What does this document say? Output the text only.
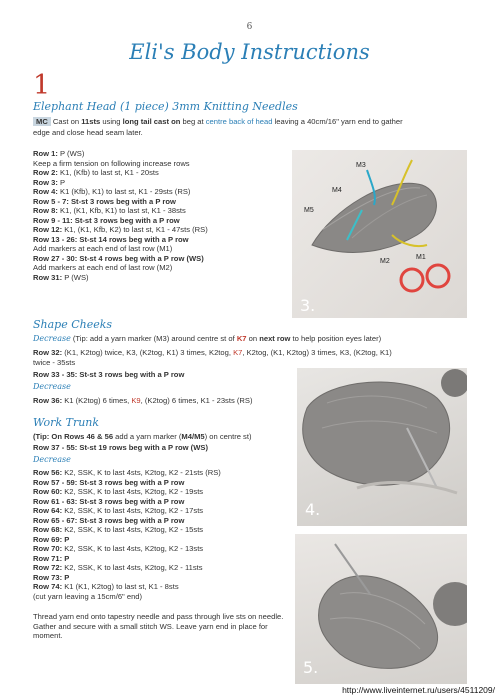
6
Eli's Body Instructions
1
Elephant Head (1 piece) 3mm Knitting Needles
MC Cast on 11sts using long tail cast on beg at centre back of head leaving a 40cm/16" yarn end to gather
edge and close head seam later.
Row 1: P (WS)
Keep a firm tension on following increase rows
Row 2: K1, (Kfb) to last st, K1 - 20sts
Row 3: P
Row 4: K1 (Kfb), K1) to last st, K1 - 29sts (RS)
Row 5 - 7: St-st 3 rows beg with a P row
Row 8: K1, (K1, Kfb, K1) to last st, K1 - 38sts
Row 9 - 11: St-st 3 rows beg with a P row
Row 12: K1, (K1, Kfb, K2) to last st, K1 - 47sts (RS)
Row 13 - 26: St-st 14 rows beg with a P row
Add markers at each end of last row (M1)
Row 27 - 30: St-st 4 rows beg with a P row (WS)
Add markers at each end of last row (M2)
Row 31: P (WS)
M3
M4
M5
M2
M1
3.
Shape Cheeks
Decrease (Tip: add a yarn marker (M3) around centre st of K7 on next row to help position eyes later)
Row 32: (K1, K2tog) twice, K3, (K2tog, K1) 3 times, K2tog, K7, K2tog, (K1, K2tog) 3 times, K3, (K2tog, K1)
twice - 35sts
Row 33 - 35: St-st 3 rows beg with a P row
Decrease
Row 36: K1 (K2tog) 6 times, K9, (K2tog) 6 times, K1 - 23sts (RS)
Work Trunk
(Tip: On Rows 46 & 56 add a yarn marker (M4/M5) on centre st)
Row 37 - 55: St-st 19 rows beg with a P row (WS)
Decrease
Row 56: K2, SSK, K to last 4sts, K2tog, K2 - 21sts (RS)
Row 57 - 59: St-st 3 rows beg with a P row
Row 60: K2, SSK, K to last 4sts, K2tog, K2 - 19sts
Row 61 - 63: St-st 3 rows beg with a P row
Row 64: K2, SSK, K to last 4sts, K2tog, K2 - 17sts
Row 65 - 67: St-st 3 rows beg with a P row
Row 68: K2, SSK, K to last 4sts, K2tog, K2 - 15sts
Row 69: P
Row 70: K2, SSK, K to last 4sts, K2tog, K2 - 13sts
Row 71: P
Row 72: K2, SSK, K to last 4sts, K2tog, K2 - 11sts
Row 73: P
Row 74: K1 (K1, K2tog) to last st, K1 - 8sts
(cut yarn leaving a 15cm/6" end)
Thread yarn end onto tapestry needle and pass through live sts on needle. Gather and secure with a small stitch WS. Leave yarn end in place for moment.
4.
5.
http://www.liveinternet.ru/users/4511209/
